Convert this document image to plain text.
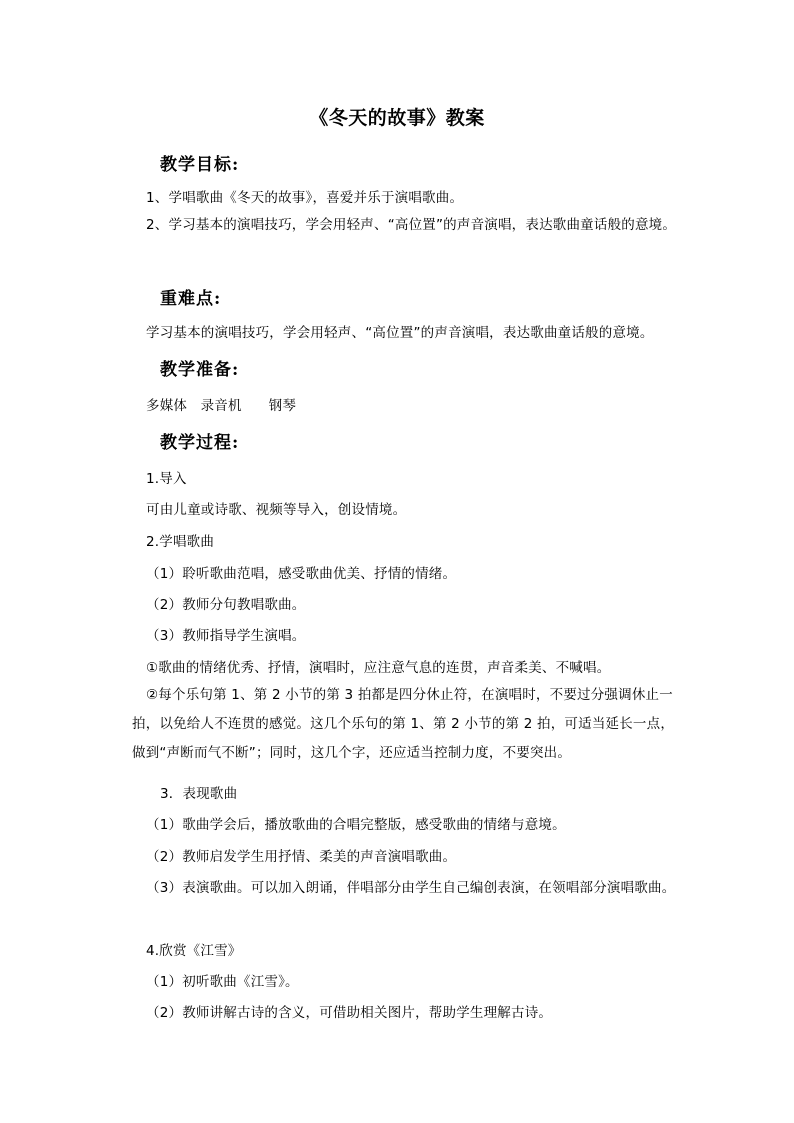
《冬天的故事》教案
教学目标:
1、学唱歌曲《冬天的故事》，喜爱并乐于演唱歌曲。
2、学习基本的演唱技巧，学会用轻声、“高位置”的声音演唱，表达歌曲童话般的意境。
重难点:
学习基本的演唱技巧，学会用轻声、“高位置”的声音演唱，表达歌曲童话般的意境。
教学准备:
多媒体   录音机      钢琴
教学过程:
1.导入
可由儿童或诗歌、视频等导入，创设情境。
2.学唱歌曲
（1）聆听歌曲范唱，感受歌曲优美、抒情的情绪。
（2）教师分句教唱歌曲。
（3）教师指导学生演唱。
①歌曲的情绪优秀、抒情，演唱时，应注意气息的连贯，声音柔美、不喊唱。
②每个乐句第 1、第 2 小节的第 3 拍都是四分休止符，在演唱时，不要过分强调休止一拍，以免给人不连贯的感觉。这几个乐句的第 1、第 2 小节的第 2 拍，可适当延长一点，做到“声断而气不断”；同时，这几个字，还应适当控制力度，不要突出。
3．表现歌曲
（1）歌曲学会后，播放歌曲的合唱完整版，感受歌曲的情绪与意境。
（2）教师启发学生用抒情、柔美的声音演唱歌曲。
（3）表演歌曲。可以加入朗诵，伴唱部分由学生自己编创表演，在领唱部分演唱歌曲。
4.欣赏《江雪》
（1）初听歌曲《江雪》。
（2）教师讲解古诗的含义，可借助相关图片，帮助学生理解古诗。
